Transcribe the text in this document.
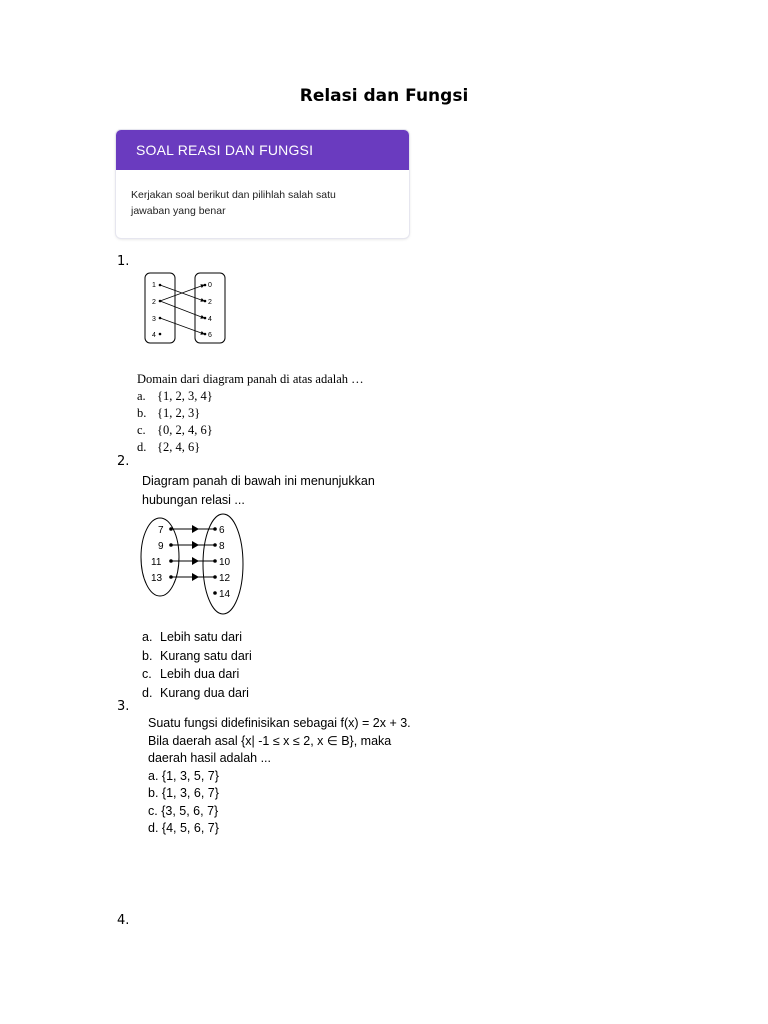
Relasi dan Fungsi
SOAL REASI DAN FUNGSI
Kerjakan soal berikut dan pilihlah salah satu
jawaban yang benar
1.
1
2
3
4
0
2
4
6
Domain dari diagram panah di atas adalah …
a. {1, 2, 3, 4}
b. {1, 2, 3}
c. {0, 2, 4, 6}
d. {2, 4, 6}
2.
Diagram panah di bawah ini menunjukkan
hubungan relasi ...
a. Lebih satu dari
b. Kurang satu dari
c. Lebih dua dari
d. Kurang dua dari
7
9
11
13
6
8
10
12
14
3.
Suatu fungsi didefinisikan sebagai f(x) = 2x + 3.
Bila daerah asal {x| -1 ≤ x ≤ 2, x ∈ B}, maka
daerah hasil adalah ...
a. {1, 3, 5, 7}
b. {1, 3, 6, 7}
c. {3, 5, 6, 7}
d. {4, 5, 6, 7}
4.
